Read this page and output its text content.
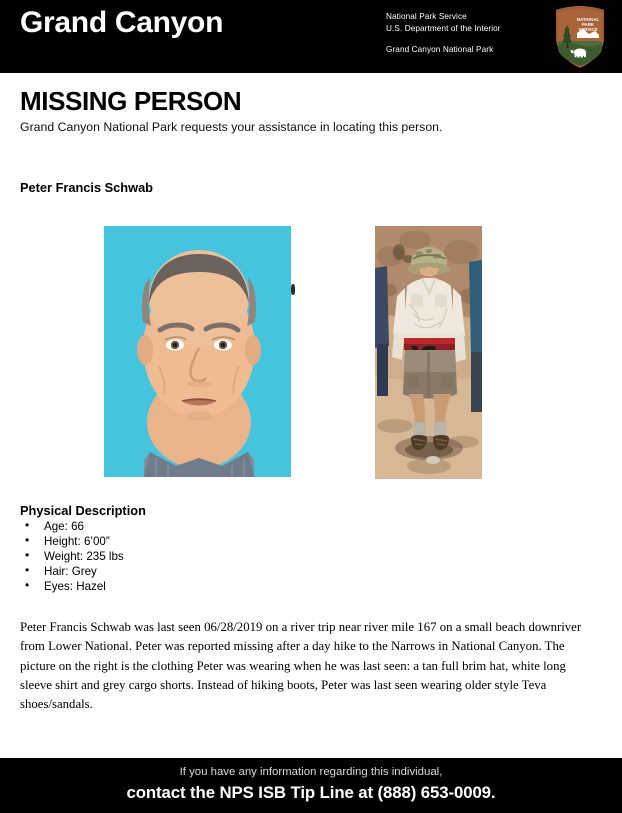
Grand Canyon	National Park Service
U.S. Department of the Interior
Grand Canyon National Park
NATIONAL
PARK
SERVICE
MISSING PERSON
Grand Canyon National Park requests your assistance in locating this person.
Peter Francis Schwab
Physical Description
• Age: 66
• Height: 6’00”
• Weight: 235 lbs
• Hair: Grey
• Eyes: Hazel

Peter Francis Schwab was last seen 06/28/2019 on a river trip near river mile 167 on a small beach downriver from Lower National. Peter was reported missing after a day hike to the Narrows in National Canyon. The picture on the right is the clothing Peter was wearing when he was last seen: a tan full brim hat, white long sleeve shirt and grey cargo shorts. Instead of hiking boots, Peter was last seen wearing older style Teva shoes/sandals.

If you have any information regarding this individual,
contact the NPS ISB Tip Line at (888) 653-0009.
